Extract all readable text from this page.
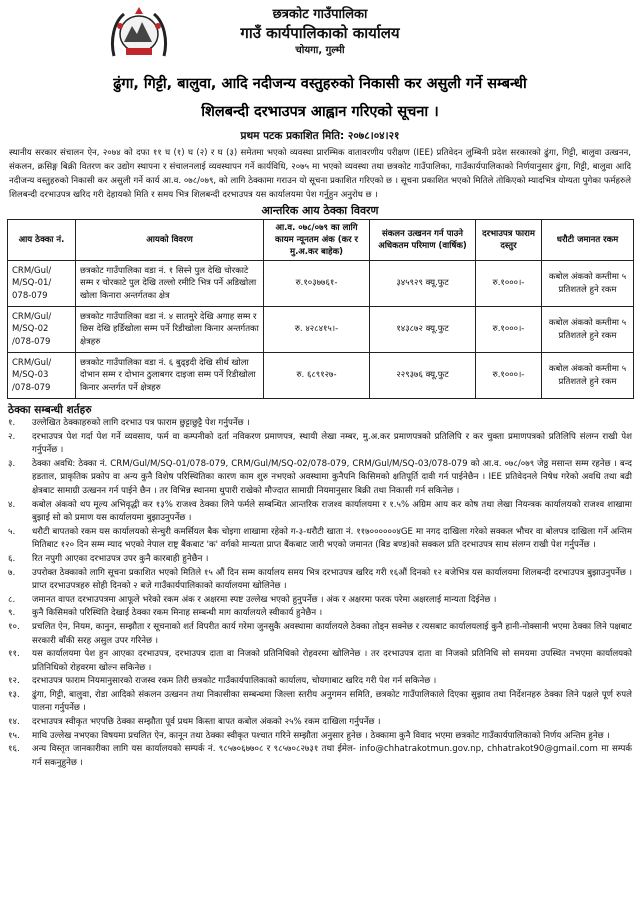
छत्रकोट गाउँपालिका
गाउँ कार्यपालिकाको कार्यालय
चोयगा, गुल्मी
ढुंगा, गिट्टी, बालुवा, आदि नदीजन्य वस्तुहरुको निकासी कर असुली गर्ने सम्बन्धी
शिलबन्दी दरभाउपत्र आह्वान गरिएको सूचना ।
प्रथम पटक प्रकाशित मिति: २०७८।०४।२१
स्थानीय सरकार संचालन ऐन, २०७४ को दफा ११ घ (१) घ (२) र घ (३) समेतमा भएको व्यवस्था प्रारम्भिक वातावरणीय परीक्षण (IEE) प्रतिवेदन लुम्बिनी प्रदेश सरकारको ढुंगा, गिट्टी, बालुवा उत्खनन, संकलन, क्रसिङ्ग बिक्री वितरण कर उद्योग स्थापना र संचालनलाई व्यवस्थापन गर्ने कार्यविधि, २०७५ मा भएको व्यवस्था तथा छत्रकोट गाउँपालिका, गाउँकार्यपालिकाको निर्णयानुसार ढुंगा, गिट्टी, बालुवा आदि नदीजन्य वस्तुहरुको निकासी कर असुली गर्ने कार्य आ.व. ०७८/०७९, को लागि ठेक्कामा गराउन यो सूचना प्रकाशित गरिएको छ । सूचना प्रकाशित भएको मितिले तोकिएको म्यादभित्र योग्यता पुगेका फर्महरुले शिलबन्दी दरभाउपत्र खरिद गरी देहायको मिति र समय भित्र शिलबन्दी दरभाउपत्र यस कार्यालयमा पेश गर्नुहुन अनुरोध छ ।
आन्तरिक आय ठेक्का विवरण
आय ठेक्का नं.	आयको विवरण	आ.व. ०७८/०७९ का लागि कायम न्यूनतम अंक (कर र मु.अ.कर बाहेक)	संकलन उत्खनन गर्न पाउने अधिकतम परिमाण (वार्षिक)	दरभाउपत्र फाराम दस्तुर	धरौटी जमानत रकम
CRM/Gul/ M/SQ-01/ 078-079	छत्रकोट गाउँपालिका वडा नं. १ सिस्ने पुल देखि चोरकाटे सम्म र चोरकाटे पुल देखि तल्लो रमीटि भित्र पर्ने अडिखोला खोला किनारा अन्तर्गतका क्षेत्र	रु.१०३७७६१-	३४५९२९ क्यू.फुट	रु.१०००।-	कबोल अंकको कम्तीमा ५ प्रतिशतले हुने रकम
CRM/Gul/ M/SQ-02 /078-079	छत्रकोट गाउँपालिका वडा नं. ४ सातमुरे देखि अगाह सम्म र छिस देखि हर्डिखोला सम्म पर्ने रिडीखोला किनार अन्तर्गतका क्षेत्रहरु	रु. ४२८४१५।-	१४३८७२ क्यू.फुट	रु.१०००।-	कबोल अंकको कम्तीमा ५ प्रतिशतले हुने रकम
CRM/Gul/ M/SQ-03 /078-079	छत्रकोट गाउँपालिका वडा नं. ६ बुढ्इदी देखि सीर्थ खोला दोभान सम्म र दोभान ठुलाबगर दाइजा सम्म पर्ने रिडीखोला किनार अन्तर्गत पर्ने क्षेत्रहरु	रु. ६८९१२७-	२२९३७६ क्यू.फुट	रु.१०००।-	कबोल अंकको कम्तीमा ५ प्रतिशतले हुने रकम
ठेक्का सम्बन्धी शर्तहरु
१.	उल्लेखित ठेक्काहरुको लागि दरभाउ पत्र फाराम छुट्टाछुट्टै पेश गर्नुपर्नेछ ।
२.	दरभाउपत्र पेश गर्दा पेश गर्ने व्यवसाय, फर्म वा कम्पनीको दर्ता नविकरण प्रमाणपत्र, स्थायी लेखा नम्बर, मु.अ.कर प्रमाणपत्रको प्रतिलिपि र कर चुक्ता प्रमाणपत्रको प्रतिलिपि संलग्न राखी पेश गर्नुपर्नेछ ।
३.	ठेक्का अवधि: ठेक्का नं. CRM/Gul/M/SQ-01/078-079, CRM/Gul/M/SQ-02/078-079, CRM/Gul/M/SQ-03/078-079 को आ.व. ०७८/०७९ जेठ्ठ मसान्त सम्म रहनेछ । बन्द हडताल, प्राकृतिक प्रकोप वा अन्य कुनै विशेष परिस्थितिका कारण काम शुरु नभएको अवस्थामा कुनैपनि किसिमको क्षतिपूर्ति दावी गर्न पाईनेछैन । IEE प्रतिवेदनले निषेध गरेको अवधि तथा बढी क्षेत्रबाट सामाग्री उत्खनन गर्न पाईने छैन । तर विभिन्न स्थानमा थुपारी राखेको मौज्दात सामाग्री नियमानुसार बिक्री तथा निकासी गर्न सकिनेछ ।
४.	कबोल अंकको थप मूल्य अभिवृद्धी कर १३% राजश्व ठेक्का लिने फर्मले सम्बन्धित आन्तरिक राजश्व कार्यालयमा र १.५% अग्रिम आय कर कोष तथा लेखा नियन्त्रक कार्यालयको राजश्व शाखामा बुझाई सो को प्रमाण यस कार्यालयमा बुझाउनुपर्नेछ ।
५.	धरौटी बापतको रकम यस कार्यालयको सेन्चुरी कमर्सियल बैक चोइगा शाखामा रहेको ग-३-धरौटी खाता नं. ११७००००००४GE मा नगद दाखिला गरेको सक्कल भौचर वा बोलपत्र दाखिला गर्ने अन्तिम मितिबाट १२० दिन सम्म म्याद भएको नेपाल राष्ट्र बैंकबाट 'क' वर्गको मान्यता प्राप्त बैंकबाट जारी भएको जमानत (बिड बण्ड)को सक्कल प्रति दरभाउपत्र साथ संलग्न राखी पेश गर्नुपर्नेछ ।
६.	रित नपुगी आएका दरभाउपत्र उपर कुनै कारबाही हुनेछैन ।
७.	उपरोक्त ठेक्काको लागि सूचना प्रकाशित भएको मितिले १५ औं दिन सम्म कार्यालय समय भित्र दरभाउपत्र खरिद गरी १६औं दिनको १२ बजेभित्र यस कार्यालयमा शिलबन्दी दरभाउपत्र बुझाउनुपर्नेछ । प्राप्त दरभाउपत्रहरु सोही दिनको २ बजे गाउँकार्यपालिकाको कार्यालयमा खोलिनेछ ।
८.	जमानत वापत दरभाउपत्रमा आफूले भरेको रकम अंक र अक्षरमा स्पष्ट उल्लेख भएको हुनुपर्नेछ । अंक र अक्षरमा फरक परेमा अक्षरलाई मान्यता दिईनेछ ।
९.	कुनै किसिमको परिस्थिति देखाई ठेक्का रकम मिनाह सम्बन्धी माग कार्यालयले स्वीकार्य हुनेछैन ।
१०.	प्रचलित ऐन, नियम, कानुन, सम्झौता र सूचनाको शर्त विपरीत कार्य गरेमा जुनसुकै अवस्थामा कार्यालयले ठेक्का तोड्न सक्नेछ र त्यसबाट कार्यालयलाई कुनै हानी-नोक्सानी भएमा ठेक्का लिने पक्षबाट सरकारी बाँकी सरह असुल उपर गरिनेछ ।
११.	यस कार्यालयमा पेश हुन आएका दरभाउपत्र, दरभाउपत्र दाता वा निजको प्रतिनिधिको रोहवरमा खोलिनेछ । तर दरभाउपत्र दाता वा निजको प्रतिनिधि सो समयमा उपस्थित नभएमा कार्यालयको प्रतिनिधिको रोहवरमा खोल्न सकिनेछ ।
१२.	दरभाउपत्र फाराम नियमानुसारको राजस्व रकम तिरी छत्रकोट गाउँकार्यपालिकाको कार्यालय, चोयगाबाट खरिद गरी पेश गर्न सकिनेछ ।
१३.	ढुंगा, गिट्टी, बालुवा, रोडा आदिको संकलन उत्खनन तथा निकासीका सम्बन्धमा जिल्ला स्तरीय अनुगमन समिति, छत्रकोट गाउँपालिकाले दिएका सुझाव तथा निर्देशनहरु ठेक्का लिने पक्षले पूर्ण रुपले पालना गर्नुपर्नेछ ।
१४.	दरभाउपत्र स्वीकृत भएपछि ठेक्का सम्झौता पूर्व प्रथम किस्ता बापत कबोल अंकको २५% रकम दाखिला गर्नुपर्नेछ ।
१५.	माथि उल्लेख नभएका विषयमा प्रचलित ऐन, कानून तथा ठेक्का स्वीकृत पश्चात गरिने सम्झौता अनुसार हुनेछ । ठेक्कामा कुनै विवाद भएमा छत्रकोट गाउँकार्यपालिकाको निर्णय अन्तिम हुनेछ ।
१६.	अन्य विस्तृत जानकारीका लागि यस कार्यालयको सम्पर्क नं. ९८५७०६७७०८ र ९८५७०८२७३१ तथा ईमेल- info@chhatrakotmun.gov.np, chhatrakot90@gmail.com मा सम्पर्क गर्न सकनुहुनेछ ।
